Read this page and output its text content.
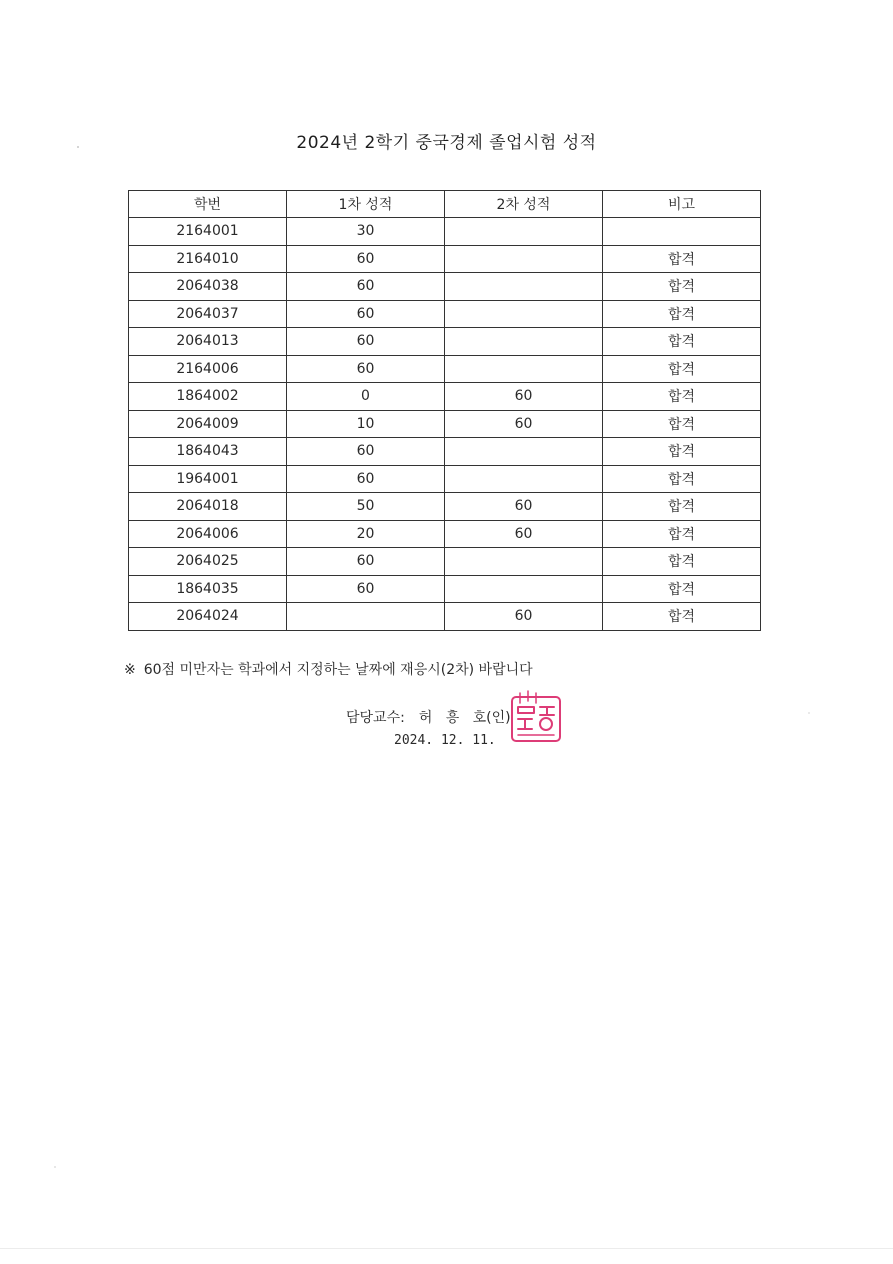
2024년 2학기 중국경제 졸업시험 성적
학번	1차 성적	2차 성적	비고
2164001	30		
2164010	60		합격
2064038	60		합격
2064037	60		합격
2064013	60		합격
2164006	60		합격
1864002	0	60	합격
2064009	10	60	합격
1864043	60		합격
1964001	60		합격
2064018	50	60	합격
2064006	20	60	합격
2064025	60		합격
1864035	60		합격
2064024		60	합격
※ 60점 미만자는 학과에서 지정하는 날짜에 재응시(2차) 바랍니다
담당교수: 허   흥   호(인)
2024. 12. 11.
